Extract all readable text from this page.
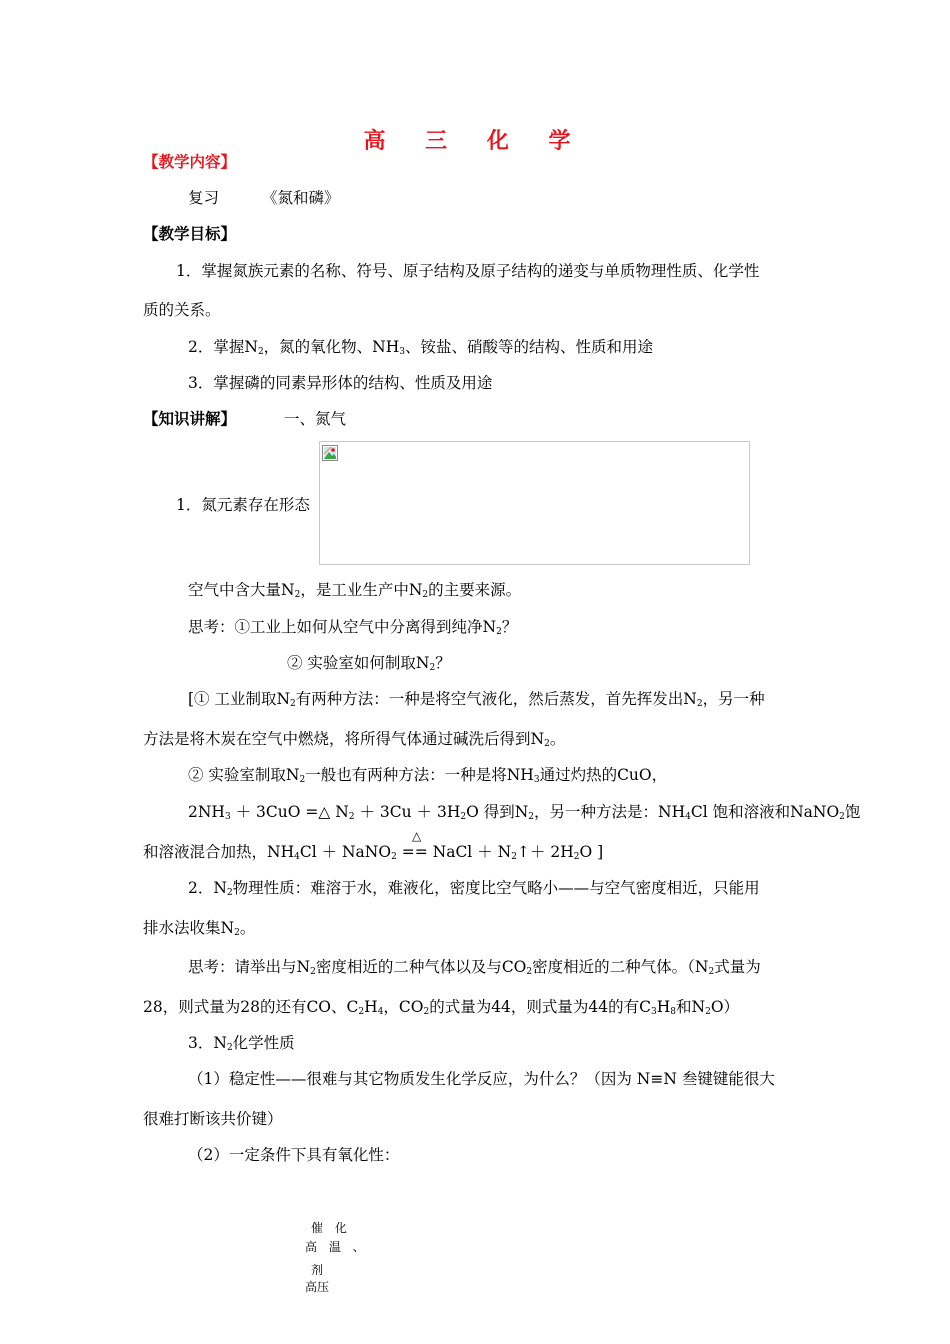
高 三 化 学
【教学内容】
复习	《氮和磷》
【教学目标】
1．掌握氮族元素的名称、符号、原子结构及原子结构的递变与单质物理性质、化学性
质的关系。
2．掌握$N_2$，氮的氧化物、$NH_3$、铵盐、硝酸等的结构、性质和用途
3．掌握磷的同素异形体的结构、性质及用途
【知识讲解】	一、氮气
1．氮元素存在形态
空气中含大量$N_2$，是工业生产中$N_2$的主要来源。
思考：①工业上如何从空气中分离得到纯净$N_2$？
② 实验室如何制取$N_2$？
[① 工业制取$N_2$有两种方法：一种是将空气液化，然后蒸发，首先挥发出$N_2$，另一种
方法是将木炭在空气中燃烧，将所得气体通过碱洗后得到$N_2$。
② 实验室制取$N_2$一般也有两种方法：一种是将$NH_3$通过灼热的CuO，
$2NH_3 + 3CuO$ =△ $N_2 + 3Cu + 3H_2O$ 得到$N_2$，另一种方法是：$NH_4Cl$ 饱和溶液和NaNO$_2$饱
△
和溶液混合加热，$NH_4Cl$ ＋ NaNO$_2$ == NaCl ＋ $N_2↑+ 2H_2O$ ]
2．$N_2$物理性质：难溶于水，难液化，密度比空气略小——与空气密度相近，只能用
排水法收集$N_2$。
思考：请举出与$N_2$密度相近的二种气体以及与$CO_2$密度相近的二种气体。（$N_2$式量为
28，则式量为28的还有CO、$C_2H_4$，$CO_2$的式量为44，则式量为44的有$C_3H_8$和$N_2O$）
3．$N_2$化学性质
（1）稳定性——很难与其它物质发生化学反应，为什么？（因为 N≡N 叁键键能很大
很难打断该共价键）
（2）一定条件下具有氧化性：
催 化
高 温 、
剂
高压
